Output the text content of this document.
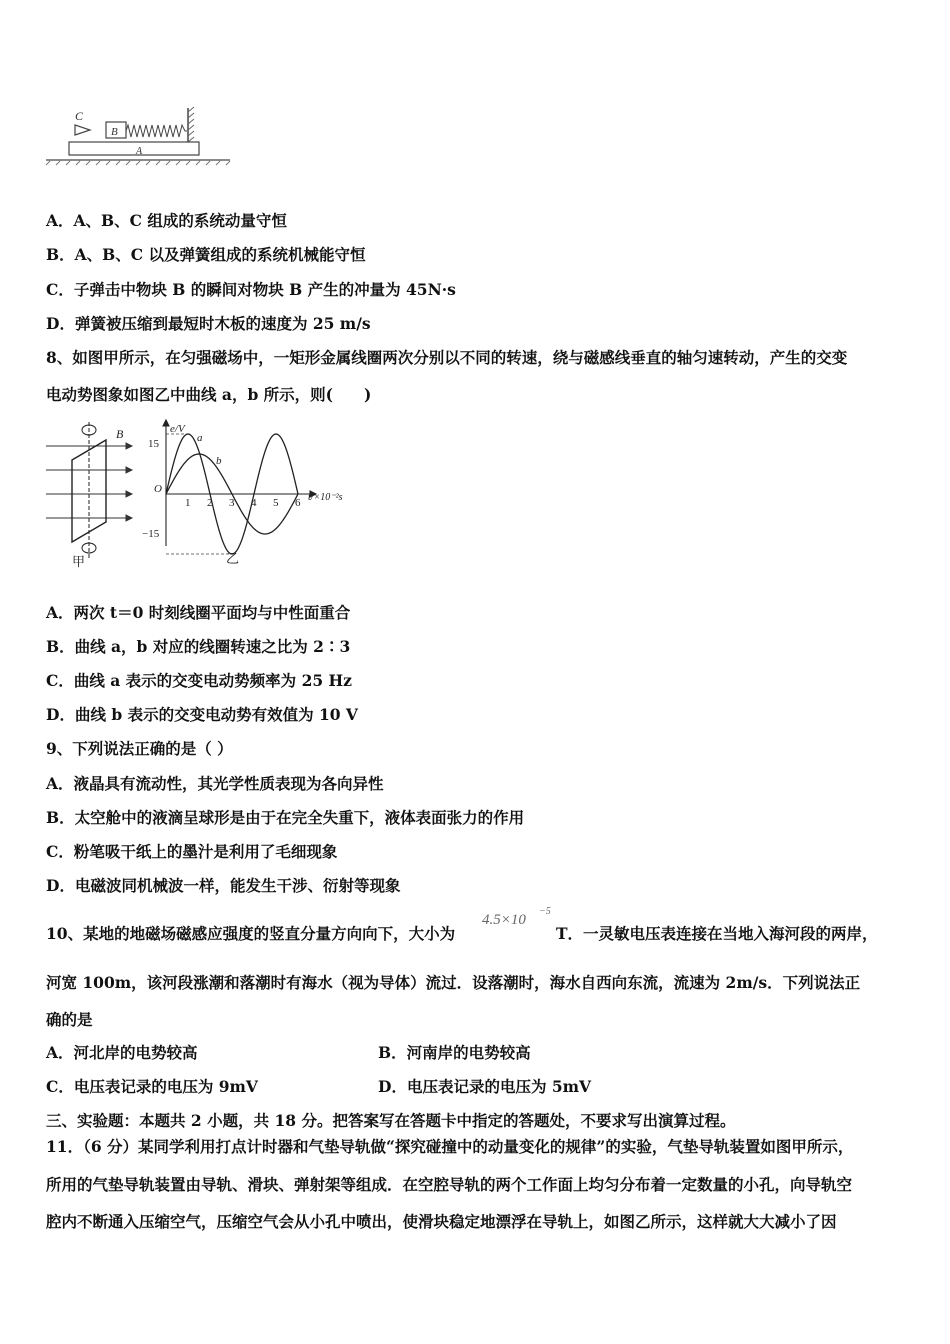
C
B
A
A．A、B、C 组成的系统动量守恒
B．A、B、C 以及弹簧组成的系统机械能守恒
C．子弹击中物块 B 的瞬间对物块 B 产生的冲量为 45N·s
D．弹簧被压缩到最短时木板的速度为 25 m/s
8、如图甲所示，在匀强磁场中，一矩形金属线圈两次分别以不同的转速，绕与磁感线垂直的轴匀速转动，产生的交变
电动势图象如图乙中曲线 a，b 所示，则(　　)
B
甲
e/V
t/×10⁻²s
O
15
−15
a
b
1 2 3 4 5 6
乙
A．两次 t＝0 时刻线圈平面均与中性面重合
B．曲线 a，b 对应的线圈转速之比为 2∶3
C．曲线 a 表示的交变电动势频率为 25 Hz
D．曲线 b 表示的交变电动势有效值为 10 V
9、下列说法正确的是（ ）
A．液晶具有流动性，其光学性质表现为各向异性
B．太空舱中的液滴呈球形是由于在完全失重下，液体表面张力的作用
C．粉笔吸干纸上的墨汁是利用了毛细现象
D．电磁波同机械波一样，能发生干涉、衍射等现象
10、某地的地磁场磁感应强度的竖直分量方向向下，大小为
4.5×10
−5
T．一灵敏电压表连接在当地入海河段的两岸，
河宽 100m，该河段涨潮和落潮时有海水（视为导体）流过．设落潮时，海水自西向东流，流速为 2m/s．下列说法正
确的是
A．河北岸的电势较高	B．河南岸的电势较高
C．电压表记录的电压为 9mV	D．电压表记录的电压为 5mV
三、实验题：本题共 2 小题，共 18 分。把答案写在答题卡中指定的答题处，不要求写出演算过程。
11．（6 分）某同学利用打点计时器和气垫导轨做“探究碰撞中的动量变化的规律”的实验，气垫导轨装置如图甲所示，
所用的气垫导轨装置由导轨、滑块、弹射架等组成．在空腔导轨的两个工作面上均匀分布着一定数量的小孔，向导轨空
腔内不断通入压缩空气，压缩空气会从小孔中喷出，使滑块稳定地漂浮在导轨上，如图乙所示，这样就大大减小了因
